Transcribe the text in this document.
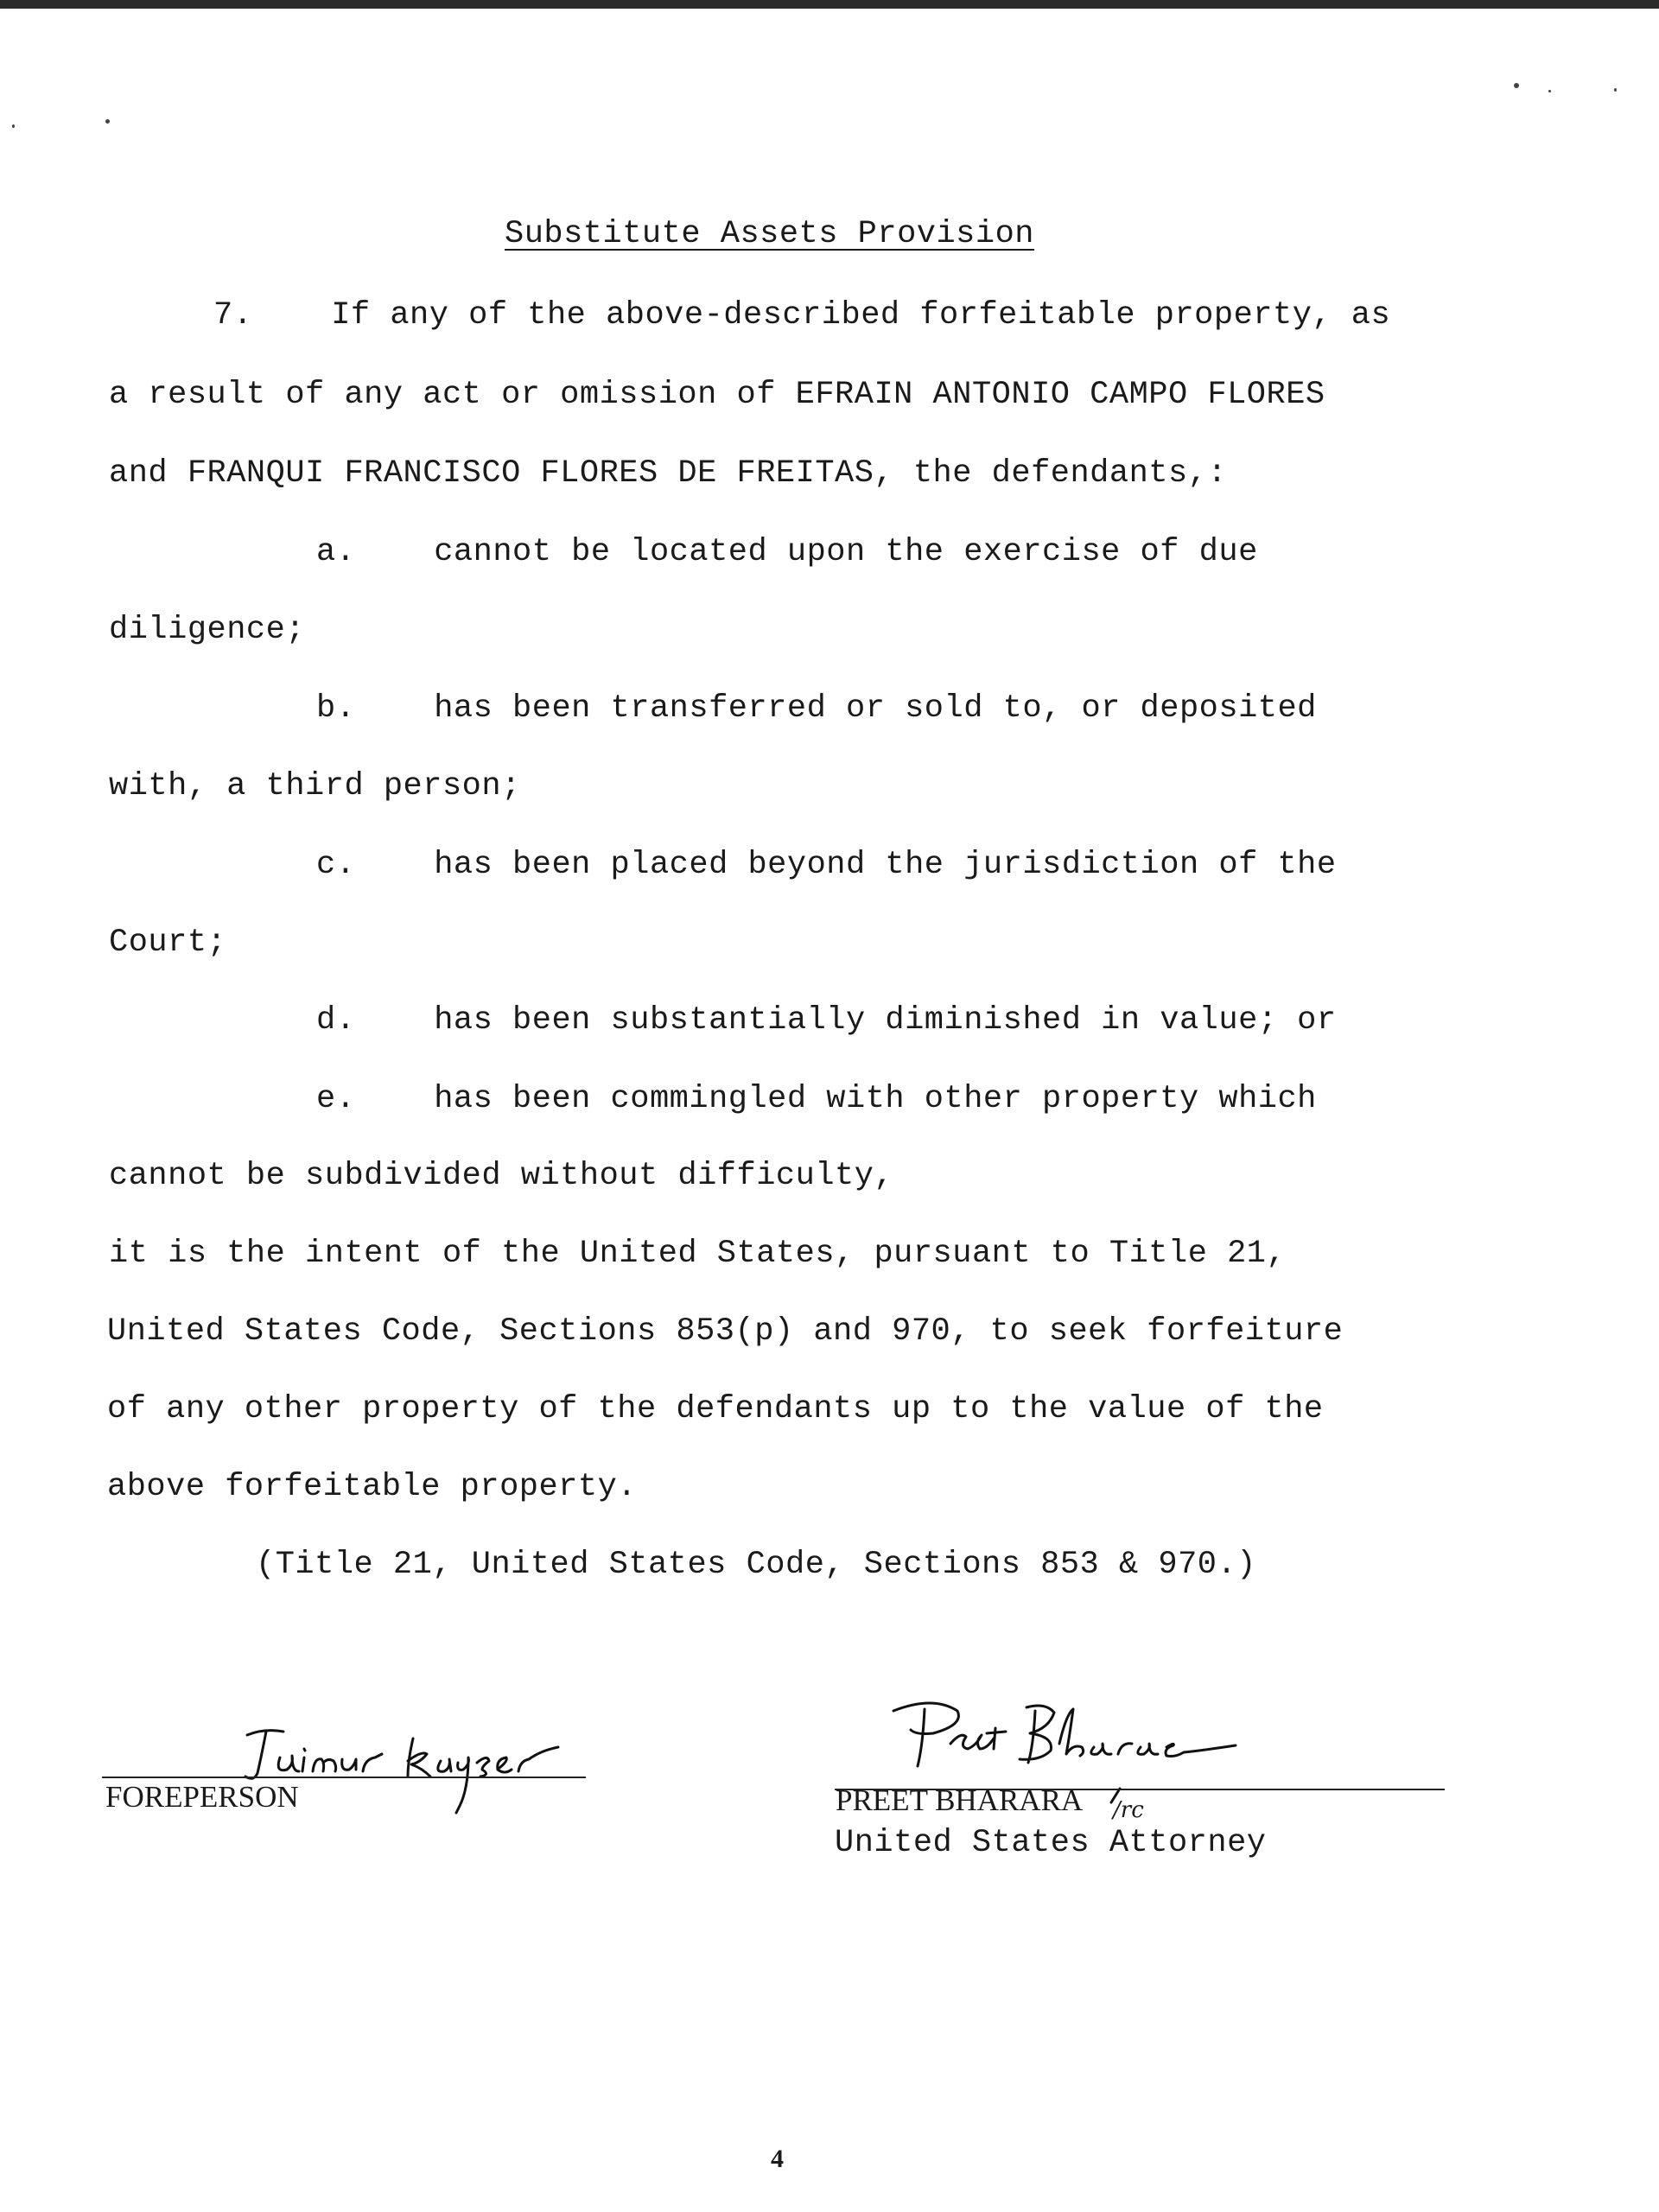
Substitute Assets Provision
7.    If any of the above-described forfeitable property, as
a result of any act or omission of EFRAIN ANTONIO CAMPO FLORES
and FRANQUI FRANCISCO FLORES DE FREITAS, the defendants,:
a.    cannot be located upon the exercise of due
diligence;
b.    has been transferred or sold to, or deposited
with, a third person;
c.    has been placed beyond the jurisdiction of the
Court;
d.    has been substantially diminished in value; or
e.    has been commingled with other property which
cannot be subdivided without difficulty,
it is the intent of the United States, pursuant to Title 21,
United States Code, Sections 853(p) and 970, to seek forfeiture
of any other property of the defendants up to the value of the
above forfeitable property.
(Title 21, United States Code, Sections 853 & 970.)
FOREPERSON	PREET BHARARA /rc
United States Attorney
4
